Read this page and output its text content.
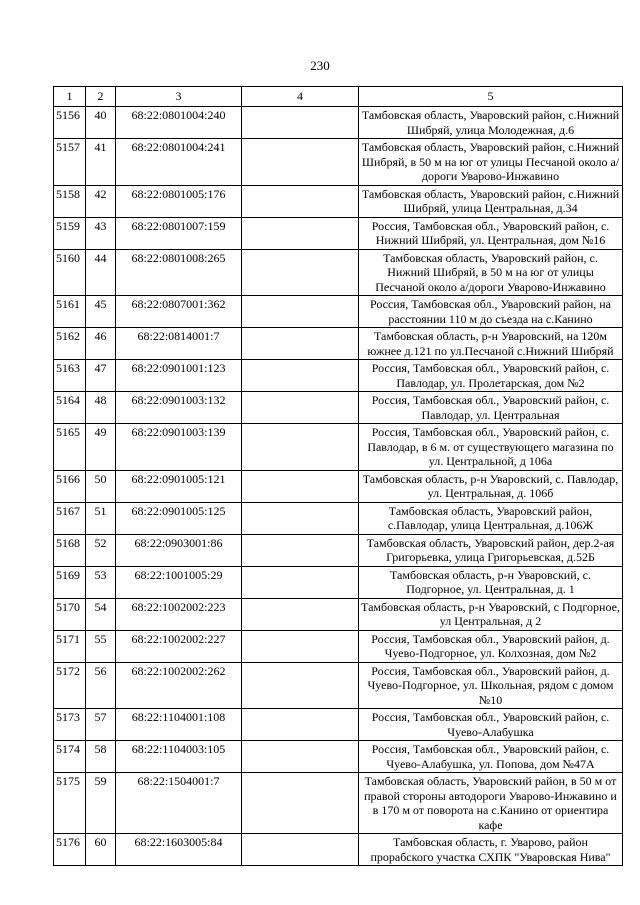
230
1	2	3	4	5
5156	40	68:22:0801004:240		Тамбовская область, Уваровский район, с.Нижний Шибряй, улица Молодежная, д.6
5157	41	68:22:0801004:241		Тамбовская область, Уваровский район, с.Нижний Шибряй, в 50 м на юг от улицы Песчаной около а/дороги Уварово-Инжавино
5158	42	68:22:0801005:176		Тамбовская область, Уваровский район, с.Нижний Шибряй, улица Центральная, д.34
5159	43	68:22:0801007:159		Россия, Тамбовская обл., Уваровский район, с. Нижний Шибряй, ул. Центральная, дом №16
5160	44	68:22:0801008:265		Тамбовская область, Уваровский район, с. Нижний Шибряй, в 50 м на юг от улицы Песчаной около а/дороги Уварово-Инжавино
5161	45	68:22:0807001:362		Россия, Тамбовская обл., Уваровский район, на расстоянии 110 м до съезда на с.Канино
5162	46	68:22:0814001:7		Тамбовская область, р-н Уваровский, на 120м южнее д.121 по ул.Песчаной с.Нижний Шибряй
5163	47	68:22:0901001:123		Россия, Тамбовская обл., Уваровский район, с. Павлодар, ул. Пролетарская, дом №2
5164	48	68:22:0901003:132		Россия, Тамбовская обл., Уваровский район, с. Павлодар, ул. Центральная
5165	49	68:22:0901003:139		Россия, Тамбовская обл., Уваровский район, с. Павлодар, в 6 м. от существующего магазина по ул. Центральной, д 106а
5166	50	68:22:0901005:121		Тамбовская область, р-н Уваровский, с. Павлодар, ул. Центральная, д. 106б
5167	51	68:22:0901005:125		Тамбовская область, Уваровский район, с.Павлодар, улица Центральная, д.106Ж
5168	52	68:22:0903001:86		Тамбовская область, Уваровский район, дер.2-ая Григорьевка, улица Григорьевская, д.52Б
5169	53	68:22:1001005:29		Тамбовская область, р-н Уваровский, с. Подгорное, ул. Центральная, д. 1
5170	54	68:22:1002002:223		Тамбовская область, р-н Уваровский, с Подгорное, ул Центральная, д 2
5171	55	68:22:1002002:227		Россия, Тамбовская обл., Уваровский район, д. Чуево-Подгорное, ул. Колхозная, дом №2
5172	56	68:22:1002002:262		Россия, Тамбовская обл., Уваровский район, д. Чуево-Подгорное, ул. Школьная, рядом с домом №10
5173	57	68:22:1104001:108		Россия, Тамбовская обл., Уваровский район, с. Чуево-Алабушка
5174	58	68:22:1104003:105		Россия, Тамбовская обл., Уваровский район, с. Чуево-Алабушка, ул. Попова, дом №47А
5175	59	68:22:1504001:7		Тамбовская область, Уваровский район, в 50 м от правой стороны автодороги Уварово-Инжавино и в 170 м от поворота на с.Канино от ориентира кафе
5176	60	68:22:1603005:84		Тамбовская область, г. Уварово, район прорабского участка СХПК "Уваровская Нива"
